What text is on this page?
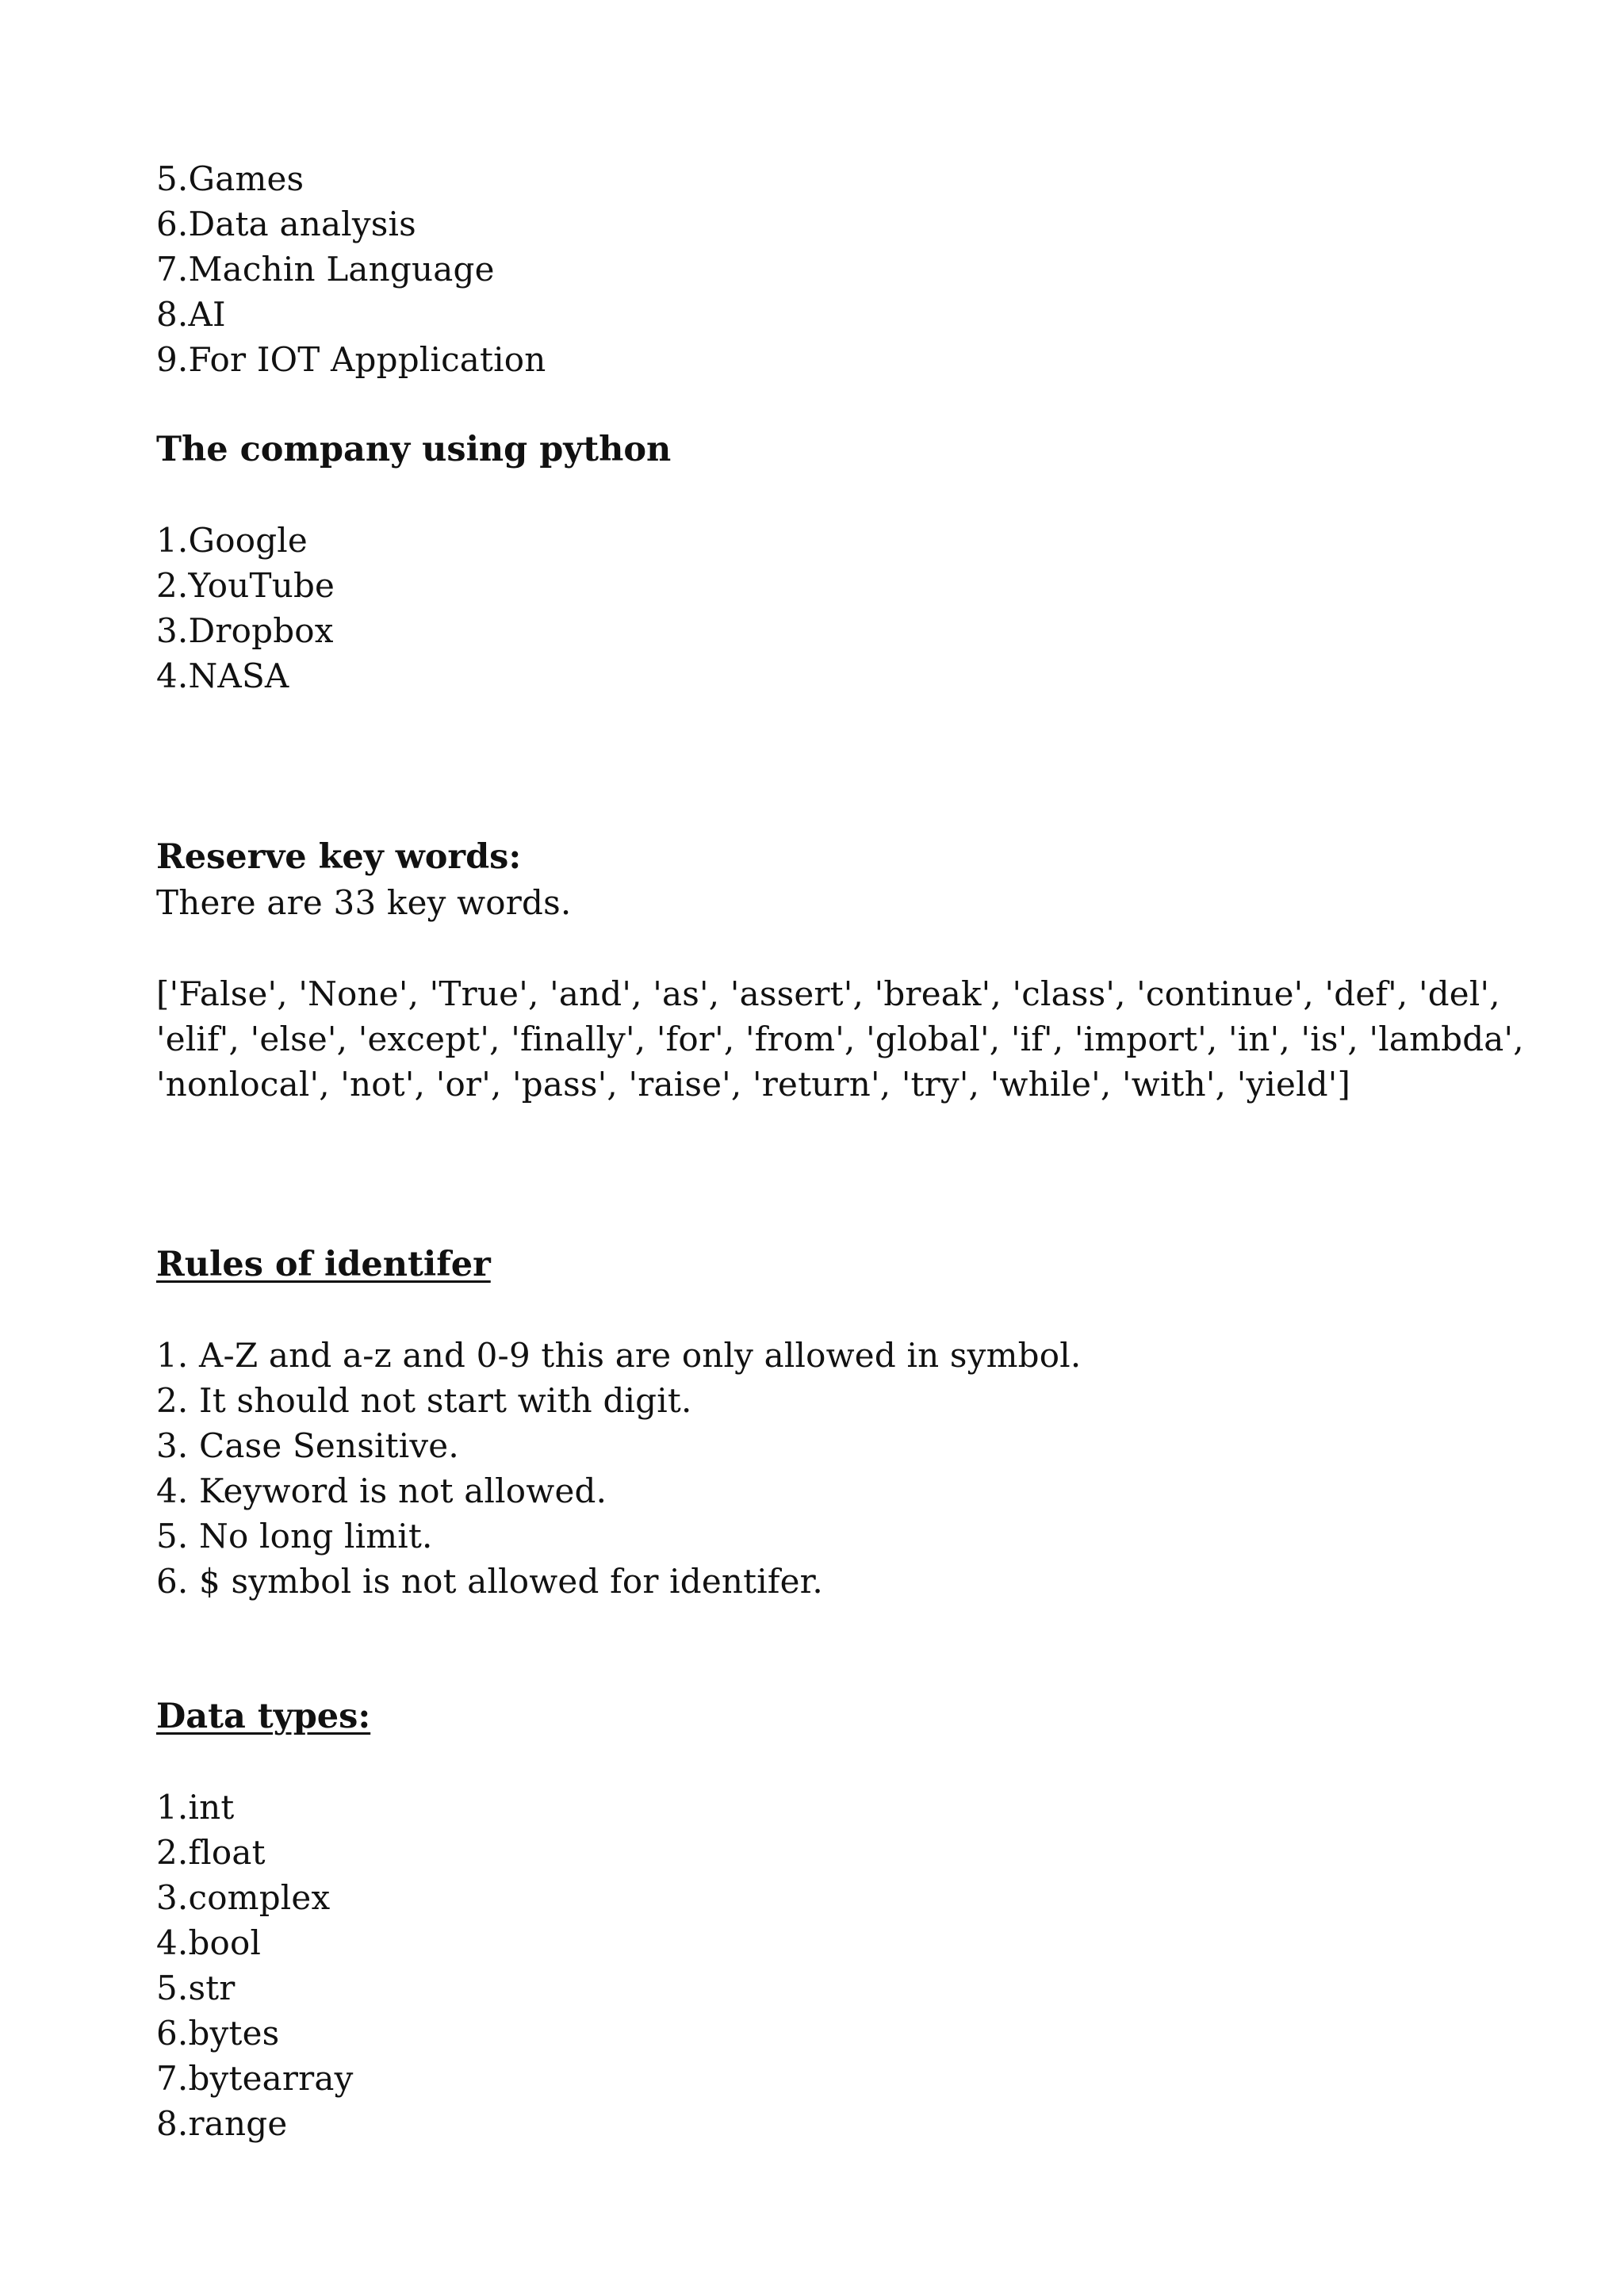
5.Games
6.Data analysis
7.Machin Language
8.AI
9.For IOT Appplication
The company using python
1.Google
2.YouTube
3.Dropbox
4.NASA
Reserve key words:
There are 33 key words.
['False', 'None', 'True', 'and', 'as', 'assert', 'break', 'class', 'continue', 'def', 'del',
'elif', 'else', 'except', 'finally', 'for', 'from', 'global', 'if', 'import', 'in', 'is', 'lambda',
'nonlocal', 'not', 'or', 'pass', 'raise', 'return', 'try', 'while', 'with', 'yield']
Rules of identifer
1. A-Z and a-z and 0-9 this are only allowed in symbol.
2. It should not start with digit.
3. Case Sensitive.
4. Keyword is not allowed.
5. No long limit.
6. $ symbol is not allowed for identifer.
Data types:
1.int
2.float
3.complex
4.bool
5.str
6.bytes
7.bytearray
8.range
